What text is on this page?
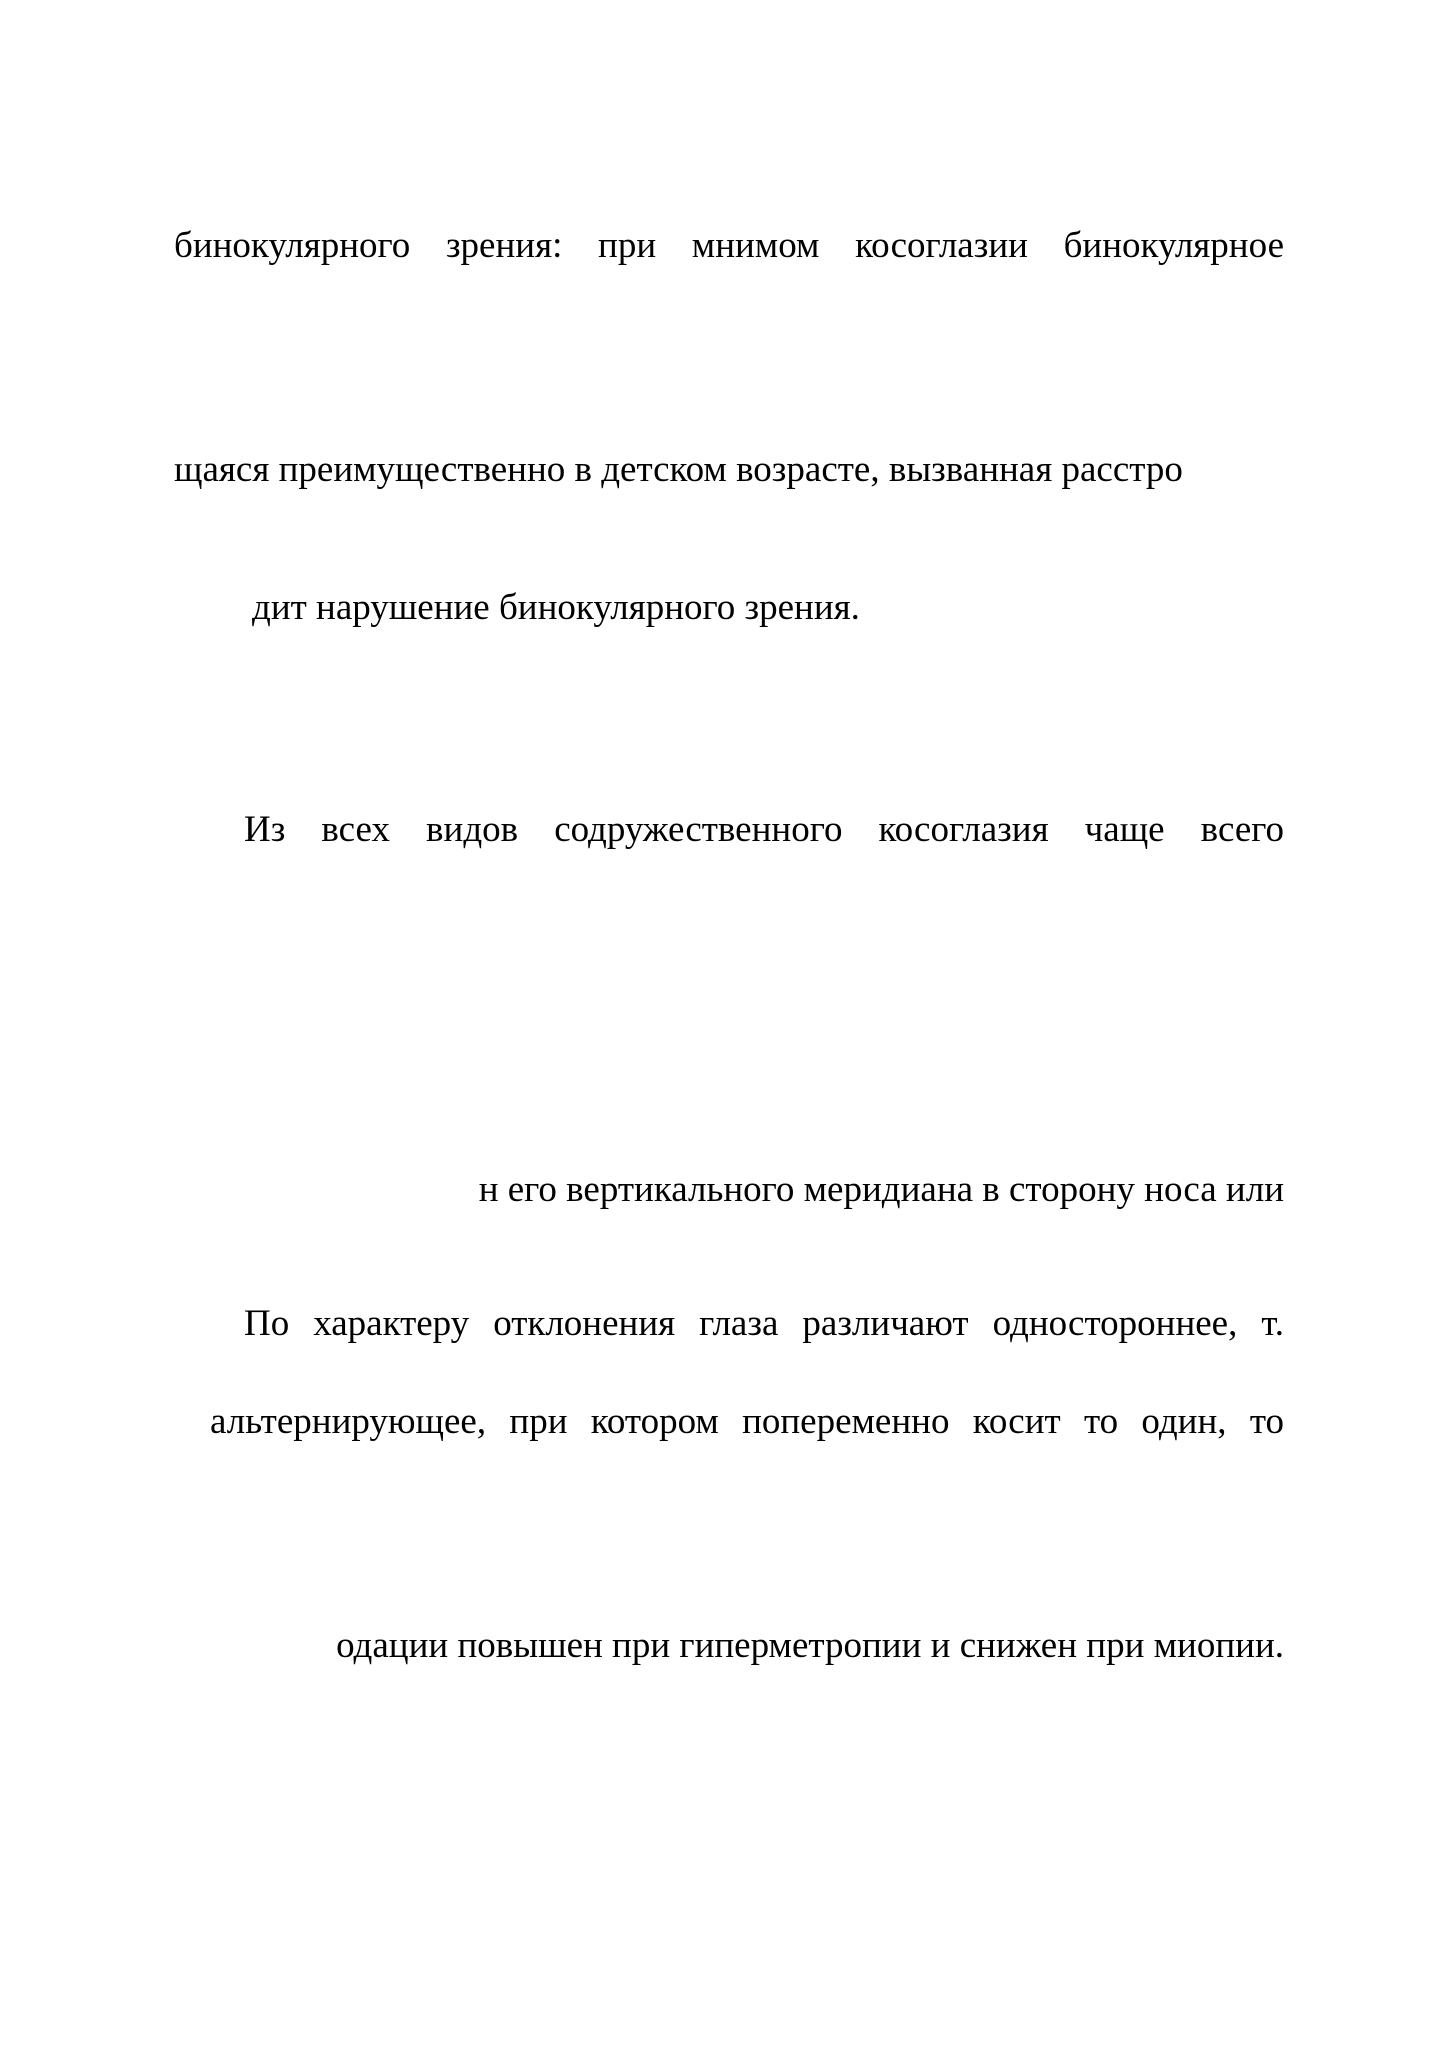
бинокулярного зрения: при мнимом косоглазии бинокулярное

щаяся преимущественно в детском возрасте, вызванная расстро

дит нарушение бинокулярного зрения.

Из всех видов содружественного косоглазия чаще всего

н его вертикального меридиана в сторону носа или

По характеру отклонения глаза различают одностороннее, т.

альтернирующее, при котором попеременно косит то один, то

одации повышен при гиперметропии и снижен при миопии.
